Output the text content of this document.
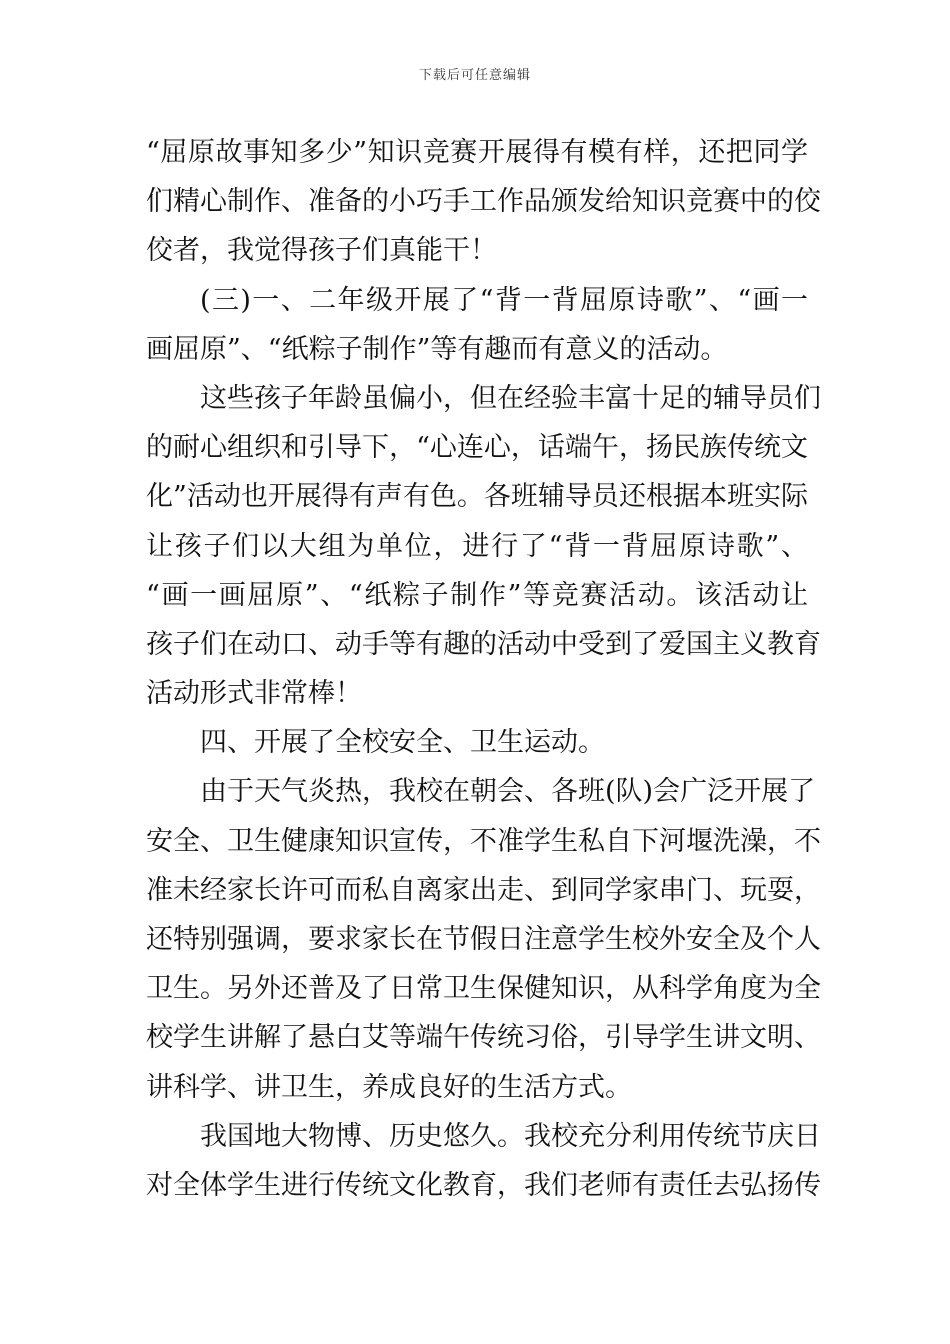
下载后可任意编辑
“屈原故事知多少”知识竞赛开展得有模有样，还把同学
们精心制作、准备的小巧手工作品颁发给知识竞赛中的佼
佼者，我觉得孩子们真能干！
(三)一、二年级开展了“背一背屈原诗歌”、“画一
画屈原”、“纸粽子制作”等有趣而有意义的活动。
这些孩子年龄虽偏小，但在经验丰富十足的辅导员们
的耐心组织和引导下，“心连心，话端午，扬民族传统文
化”活动也开展得有声有色。各班辅导员还根据本班实际
让孩子们以大组为单位，进行了“背一背屈原诗歌”、
“画一画屈原”、“纸粽子制作”等竞赛活动。该活动让
孩子们在动口、动手等有趣的活动中受到了爱国主义教育
活动形式非常棒！
四、开展了全校安全、卫生运动。
由于天气炎热，我校在朝会、各班(队)会广泛开展了
安全、卫生健康知识宣传，不准学生私自下河堰洗澡，不
准未经家长许可而私自离家出走、到同学家串门、玩耍，
还特别强调，要求家长在节假日注意学生校外安全及个人
卫生。另外还普及了日常卫生保健知识，从科学角度为全
校学生讲解了悬白艾等端午传统习俗，引导学生讲文明、
讲科学、讲卫生，养成良好的生活方式。
我国地大物博、历史悠久。我校充分利用传统节庆日
对全体学生进行传统文化教育，我们老师有责任去弘扬传
